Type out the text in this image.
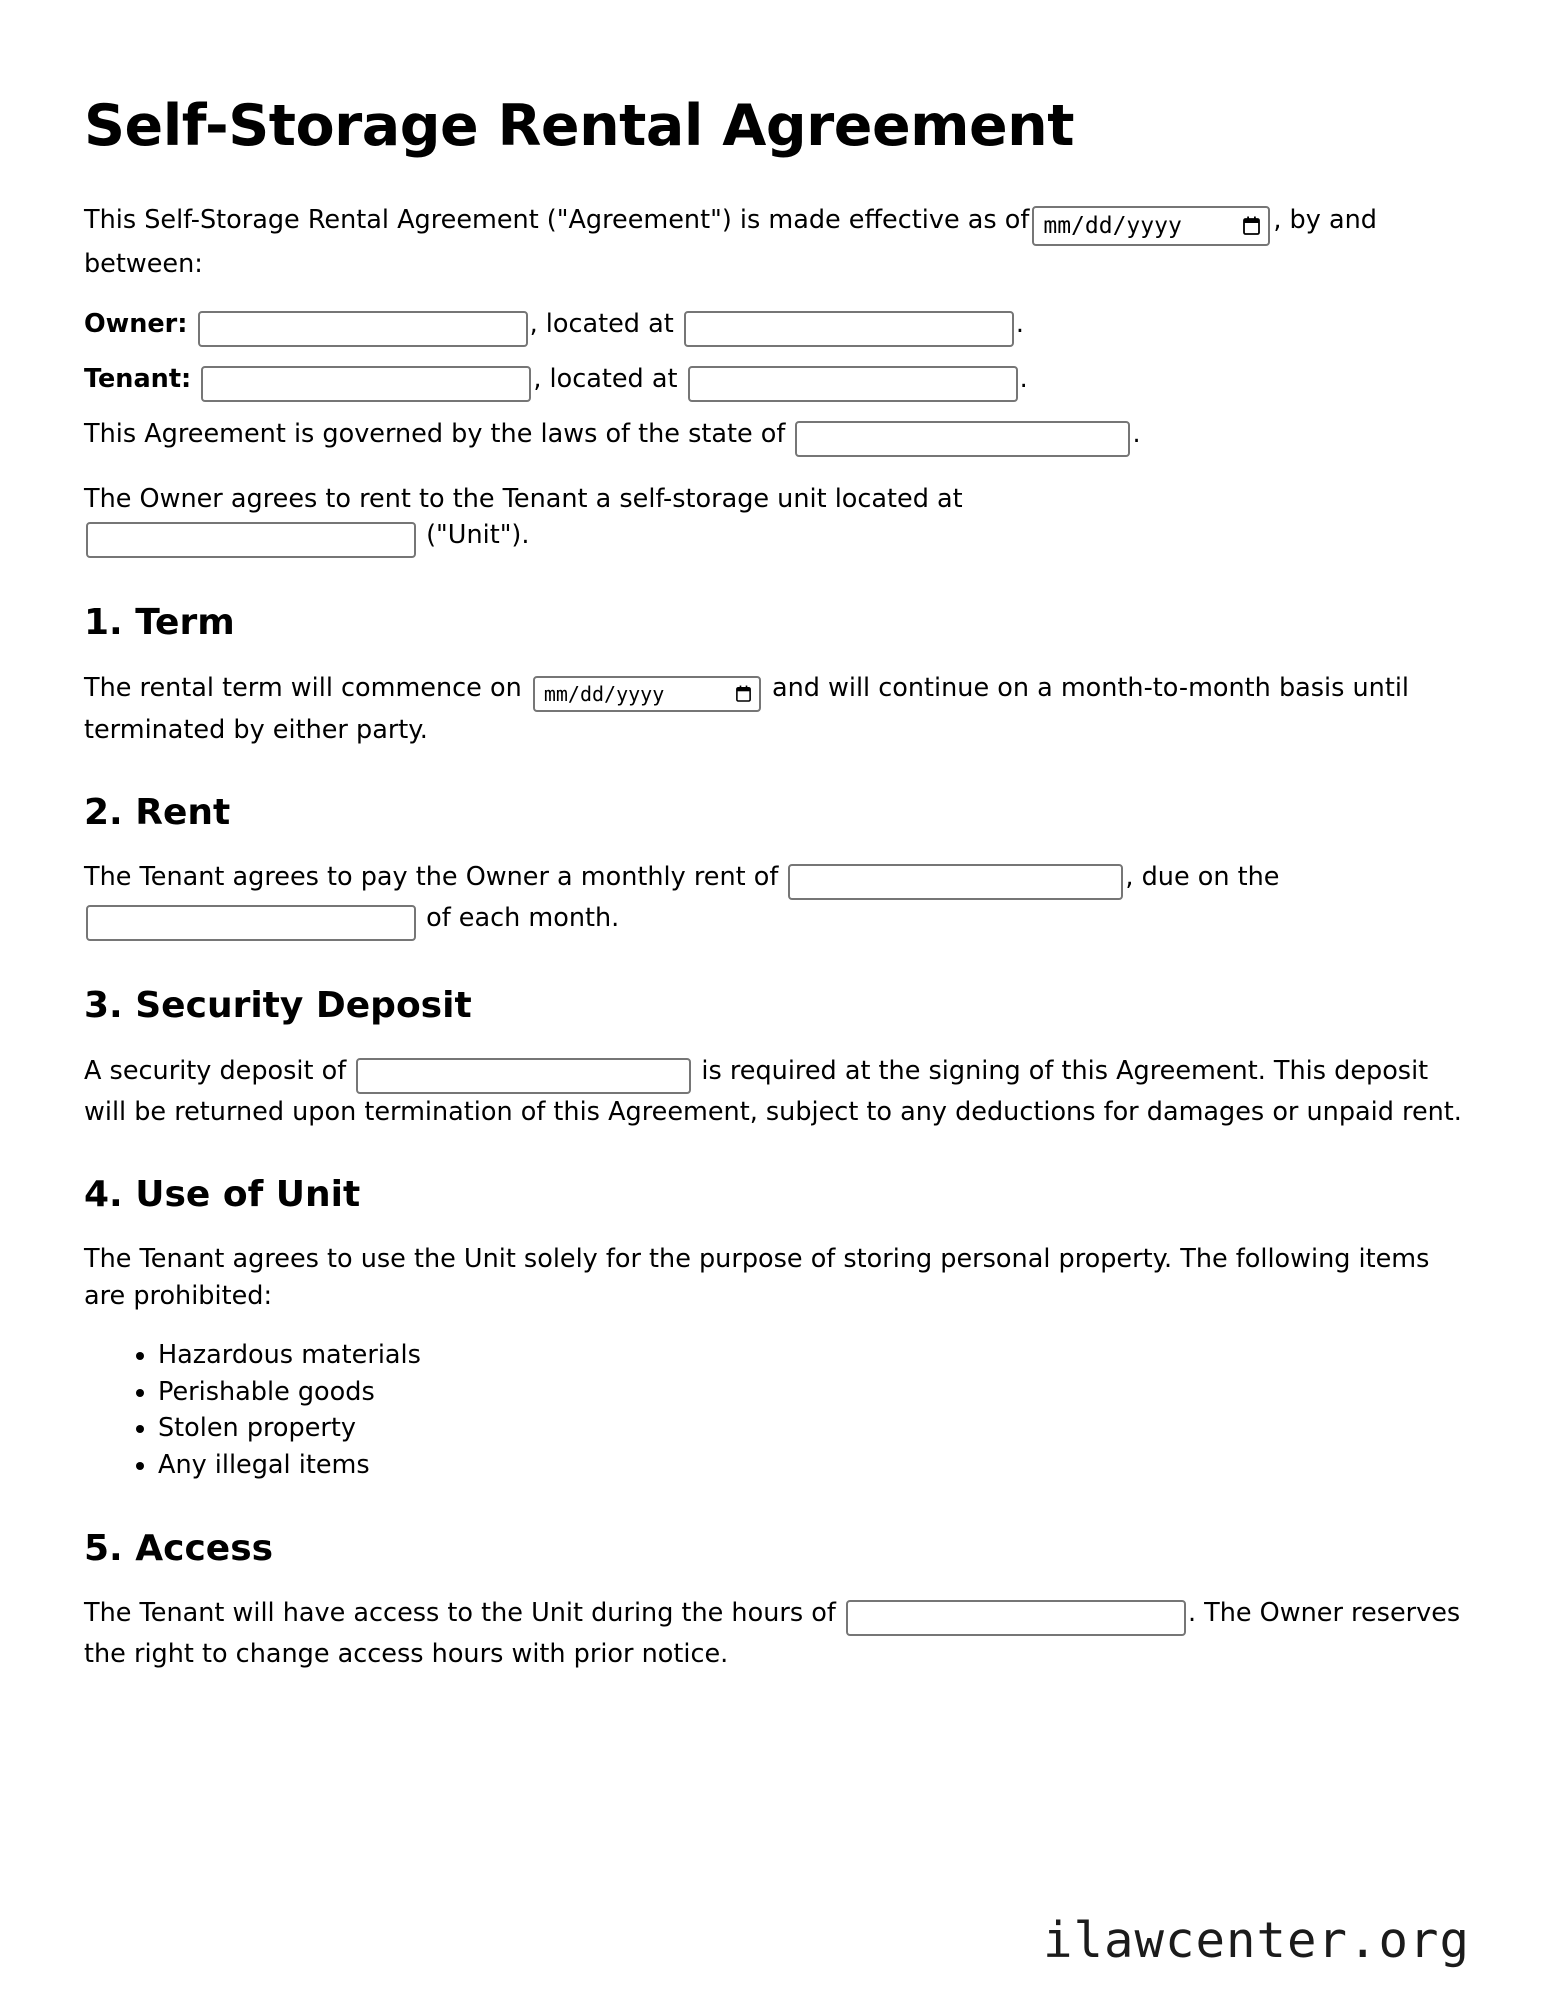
Self-Storage Rental Agreement

This Self-Storage Rental Agreement ("Agreement") is made effective as of mm/dd/yyyy	, by and between:

Owner:	, located at	.

Tenant:	, located at	.

This Agreement is governed by the laws of the state of	.

The Owner agrees to rent to the Tenant a self-storage unit located at
("Unit").

1. Term

The rental term will commence on mm/dd/yyyy	and will continue on a month-to-month basis until terminated by either party.

2. Rent

The Tenant agrees to pay the Owner a monthly rent of	, due on the
of each month.

3. Security Deposit

A security deposit of	is required at the signing of this Agreement. This deposit will be returned upon termination of this Agreement, subject to any deductions for damages or unpaid rent.

4. Use of Unit

The Tenant agrees to use the Unit solely for the purpose of storing personal property. The following items are prohibited:

• Hazardous materials
• Perishable goods
• Stolen property
• Any illegal items
5. Access

The Tenant will have access to the Unit during the hours of	. The Owner reserves the right to change access hours with prior notice.

ilawcenter.org
